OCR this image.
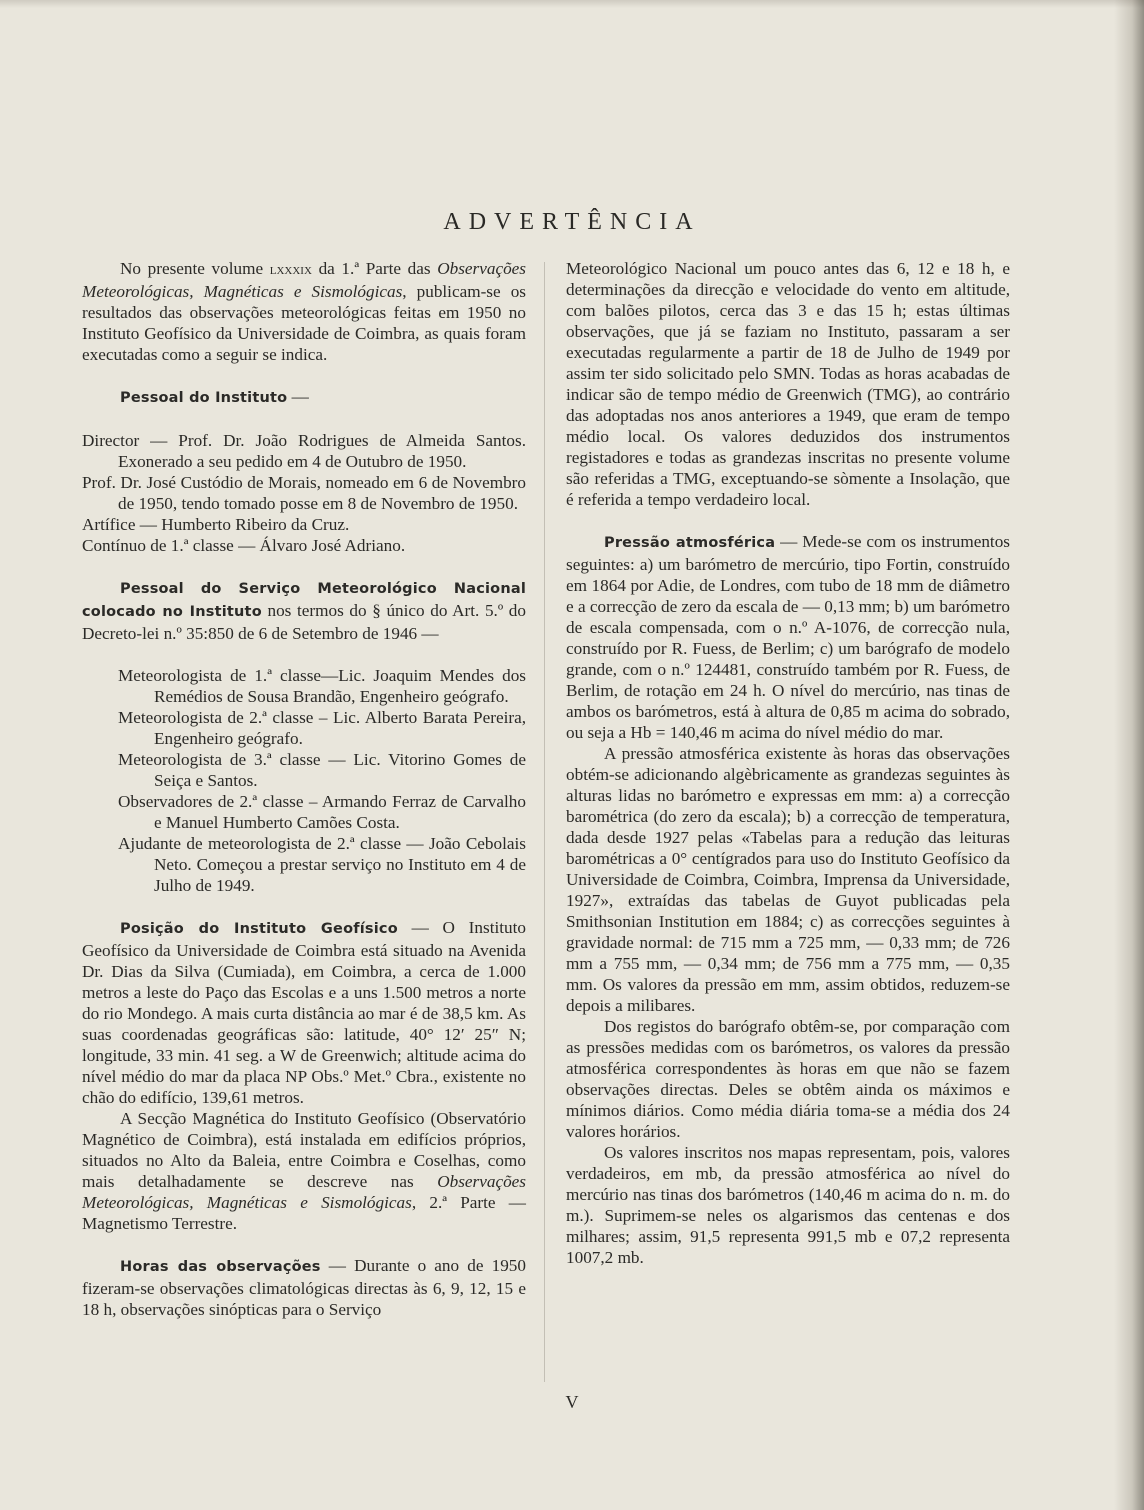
ADVERTÊNCIA

No presente volume lxxxix da 1.ª Parte das Observações Meteorológicas, Magnéticas e Sismológicas, publicam-se os resultados das observações meteorológicas feitas em 1950 no Instituto Geofísico da Universidade de Coimbra, as quais foram executadas como a seguir se indica.

Pessoal do Instituto —

Director — Prof. Dr. João Rodrigues de Almeida Santos. Exonerado a seu pedido em 4 de Outubro de 1950.

Prof. Dr. José Custódio de Morais, nomeado em 6 de Novembro de 1950, tendo tomado posse em 8 de Novembro de 1950.

Artífice — Humberto Ribeiro da Cruz.

Contínuo de 1.ª classe — Álvaro José Adriano.

Pessoal do Serviço Meteorológico Nacional colocado no Instituto nos termos do § único do Art. 5.º do Decreto-lei n.º 35:850 de 6 de Setembro de 1946 —

Meteorologista de 1.ª classe—Lic. Joaquim Mendes dos Remédios de Sousa Brandão, Engenheiro geógrafo.

Meteorologista de 2.ª classe – Lic. Alberto Barata Pereira, Engenheiro geógrafo.

Meteorologista de 3.ª classe — Lic. Vitorino Gomes de Seiça e Santos.

Observadores de 2.ª classe – Armando Ferraz de Carvalho e Manuel Humberto Camões Costa.

Ajudante de meteorologista de 2.ª classe — João Cebolais Neto. Começou a prestar serviço no Instituto em 4 de Julho de 1949.

Posição do Instituto Geofísico — O Instituto Geofísico da Universidade de Coimbra está situado na Avenida Dr. Dias da Silva (Cumiada), em Coimbra, a cerca de 1.000 metros a leste do Paço das Escolas e a uns 1.500 metros a norte do rio Mondego. A mais curta distância ao mar é de 38,5 km. As suas coordenadas geográficas são: latitude, 40° 12′ 25″ N; longitude, 33 min. 41 seg. a W de Greenwich; altitude acima do nível médio do mar da placa NP Obs.º Met.º Cbra., existente no chão do edifício, 139,61 metros.

A Secção Magnética do Instituto Geofísico (Observatório Magnético de Coimbra), está instalada em edifícios próprios, situados no Alto da Baleia, entre Coimbra e Coselhas, como mais detalhadamente se descreve nas Observações Meteorológicas, Magnéticas e Sismológicas, 2.ª Parte — Magnetismo Terrestre.

Horas das observações — Durante o ano de 1950 fizeram-se observações climatológicas directas às 6, 9, 12, 15 e 18 h, observações sinópticas para o Serviço

Meteorológico Nacional um pouco antes das 6, 12 e 18 h, e determinações da direcção e velocidade do vento em altitude, com balões pilotos, cerca das 3 e das 15 h; estas últimas observações, que já se faziam no Instituto, passaram a ser executadas regularmente a partir de 18 de Julho de 1949 por assim ter sido solicitado pelo SMN. Todas as horas acabadas de indicar são de tempo médio de Greenwich (TMG), ao contrário das adoptadas nos anos anteriores a 1949, que eram de tempo médio local. Os valores deduzidos dos instrumentos registadores e todas as grandezas inscritas no presente volume são referidas a TMG, exceptuando-se sòmente a Insolação, que é referida a tempo verdadeiro local.

Pressão atmosférica — Mede-se com os instrumentos seguintes: a) um barómetro de mercúrio, tipo Fortin, construído em 1864 por Adie, de Londres, com tubo de 18 mm de diâmetro e a correcção de zero da escala de — 0,13 mm; b) um barómetro de escala compensada, com o n.º A-1076, de correcção nula, construído por R. Fuess, de Berlim; c) um barógrafo de modelo grande, com o n.º 124481, construído também por R. Fuess, de Berlim, de rotação em 24 h. O nível do mercúrio, nas tinas de ambos os barómetros, está à altura de 0,85 m acima do sobrado, ou seja a Hb = 140,46 m acima do nível médio do mar.

A pressão atmosférica existente às horas das observações obtém-se adicionando algèbricamente as grandezas seguintes às alturas lidas no barómetro e expressas em mm: a) a correcção barométrica (do zero da escala); b) a correcção de temperatura, dada desde 1927 pelas «Tabelas para a redução das leituras barométricas a 0° centígrados para uso do Instituto Geofísico da Universidade de Coimbra, Coimbra, Imprensa da Universidade, 1927», extraídas das tabelas de Guyot publicadas pela Smithsonian Institution em 1884; c) as correcções seguintes à gravidade normal: de 715 mm a 725 mm, — 0,33 mm; de 726 mm a 755 mm, — 0,34 mm; de 756 mm a 775 mm, — 0,35 mm. Os valores da pressão em mm, assim obtidos, reduzem-se depois a milibares.

Dos registos do barógrafo obtêm-se, por comparação com as pressões medidas com os barómetros, os valores da pressão atmosférica correspondentes às horas em que não se fazem observações directas. Deles se obtêm ainda os máximos e mínimos diários. Como média diária toma-se a média dos 24 valores horários.

Os valores inscritos nos mapas representam, pois, valores verdadeiros, em mb, da pressão atmosférica ao nível do mercúrio nas tinas dos barómetros (140,46 m acima do n. m. do m.). Suprimem-se neles os algarismos das centenas e dos milhares; assim, 91,5 representa 991,5 mb e 07,2 representa 1007,2 mb.

V
